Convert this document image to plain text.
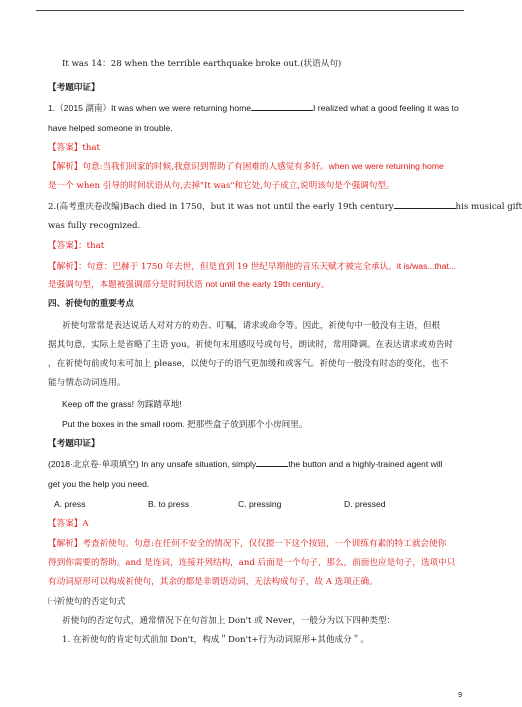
It was 14：28 when the terrible earthquake broke out.(状语从句)
【考题印证】
1.（2015 湖南）It was when we were returning home	I realized what a good feeling it was to
have helped someone in trouble.
【答案】that
【解析】句意:当我们回家的时候,我意识到帮助了有困难的人感觉有多好。when we were returning home
是一个 when 引导的时间状语从句,去掉"It was"和它处,句子成立,说明该句是个强调句型。
2.(高考重庆卷改编)Bach died in 1750，but it was not until the early 19th century	his musical gift
was fully recognized.
【答案】：that
【解析】：句意：巴赫于 1750 年去世，但是直到 19 世纪早期他的音乐天赋才被完全承认。it is/was...that...
是强调句型，本题被强调部分是时间状语 not until the early 19th century。
四、祈使句的重要考点
祈使句常常是表达说话人对对方的劝告、叮嘱，请求或命令等。因此，祈使句中一般没有主语，但根
据其句意，实际上是省略了主语 you。祈使句末用感叹号或句号，朗读时，常用降调。在表达请求或劝告时
，在祈使句前或句末可加上 please，以使句子的语气更加缓和或客气。祈使句一般没有时态的变化，也不
能与情态动词连用。
Keep off the grass! 勿踩踏草地!
Put the boxes in the small room. 把那些盒子放到那个小房间里。
【考题印证】
(2018·北京卷·单项填空) In any unsafe situation, simply	the button and a highly-trained agent will
get you the help you need.
A. press	B. to press	C. pressing	D. pressed
【答案】A
【解析】考查祈使句。句意:在任何不安全的情况下，仅仅摁一下这个按钮，一个训练有素的特工就会使你
得到你需要的帮助。and 是连词，连接并列结构，and 后面是一个句子，那么，前面也应是句子，选项中只
有动词原形可以构成祈使句，其余的都是非谓语动词，无法构成句子，故 A 选项正确。
㈠祈使句的否定句式
祈使句的否定句式，通常情况下在句首加上 Don't 或 Never，一般分为以下四种类型：
1. 在祈使句的肯定句式前加 Don't，构成＂Don't+行为动词原形+其他成分＂。
9
